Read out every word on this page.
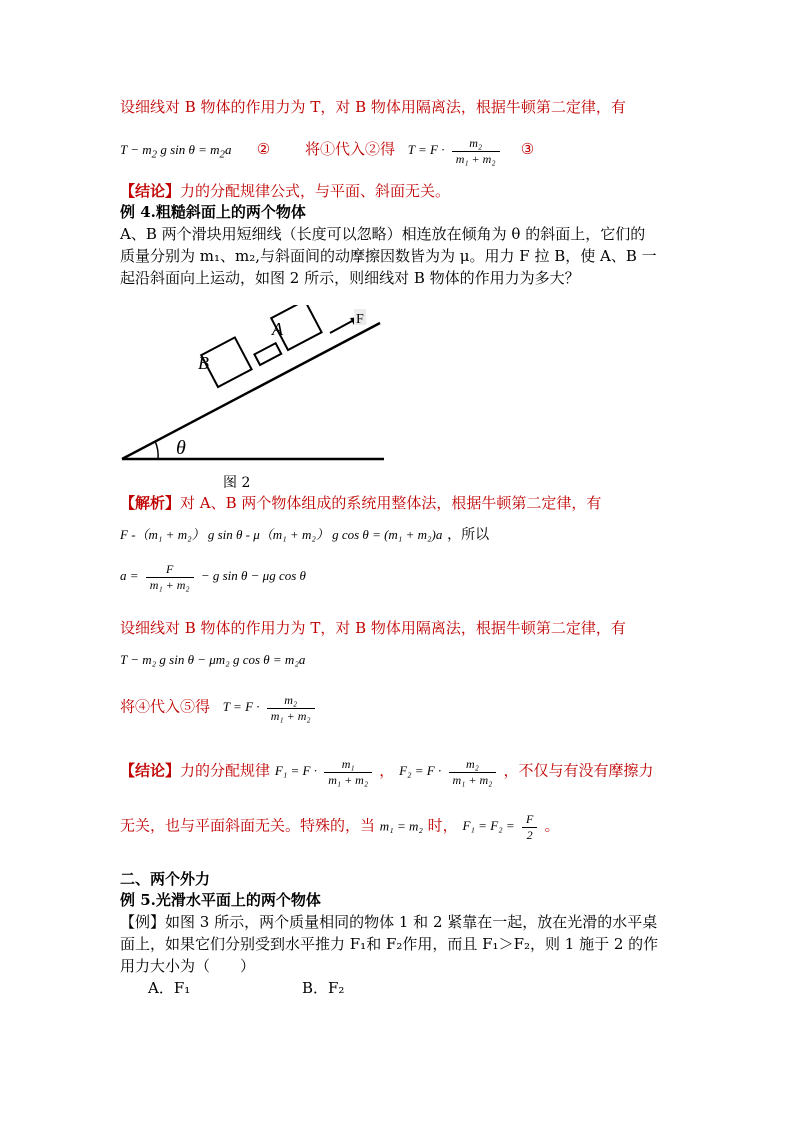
设细线对 B 物体的作用力为 T，对 B 物体用隔离法，根据牛顿第二定律，有
$T - m_2$ g $\sin \theta = m_2a$ ② 将①代入②得 $T = F \cdot \frac{\text{m₂}}{\text{m₁ + m₂}}$ ③
【结论】力的分配规律公式，与平面、斜面无关。
例 4.粗糙斜面上的两个物体
A、B 两个滑块用短细线（长度可以忽略）相连放在倾角为 θ 的斜面上，它们的
质量分别为 m₁、m₂,与斜面间的动摩擦因数皆为为 μ。用力 F 拉 B，使 A、B 一
起沿斜面向上运动，如图 2 所示，则细线对 B 物体的作用力为多大？
F
A
B
θ
图 2
【解析】对 A、B 两个物体组成的系统用整体法，根据牛顿第二定律，有
F -（m₁ + m₂） g sin θ - μ（m₁ + m₂） g cos θ = (m₁ + m₂)a ，所以
$a = \frac{F}{\text{m₁ + m₂}} - g$ sin θ − μg cos θ
设细线对 B 物体的作用力为 T，对 B 物体用隔离法，根据牛顿第二定律，有
T − m₂ g sin θ − μm₂ g cos θ = m₂a
将④代入⑤得 $T = F \cdot \frac{\text{m₂}}{\text{m₁ + m₂}}$
【结论】力的分配规律 $F_1 = F \cdot \frac{\text{m₁}}{\text{m₁ + m₂}}$ ， $F_2 = F \cdot \frac{\text{m₂}}{\text{m₁ + m₂}}$ ，不仅与有没有摩擦力
无关，也与平面斜面无关。特殊的，当 m₁ = m₂ 时， $F_1 = F_2 = \frac{F}{2}$ 。
二、两个外力
例 5.光滑水平面上的两个物体
【例】如图 3 所示，两个质量相同的物体 1 和 2 紧靠在一起，放在光滑的水平桌
面上，如果它们分别受到水平推力 F₁和 F₂作用，而且 F₁＞F₂，则 1 施于 2 的作
用力大小为（　　）
A．F₁	B．F₂
